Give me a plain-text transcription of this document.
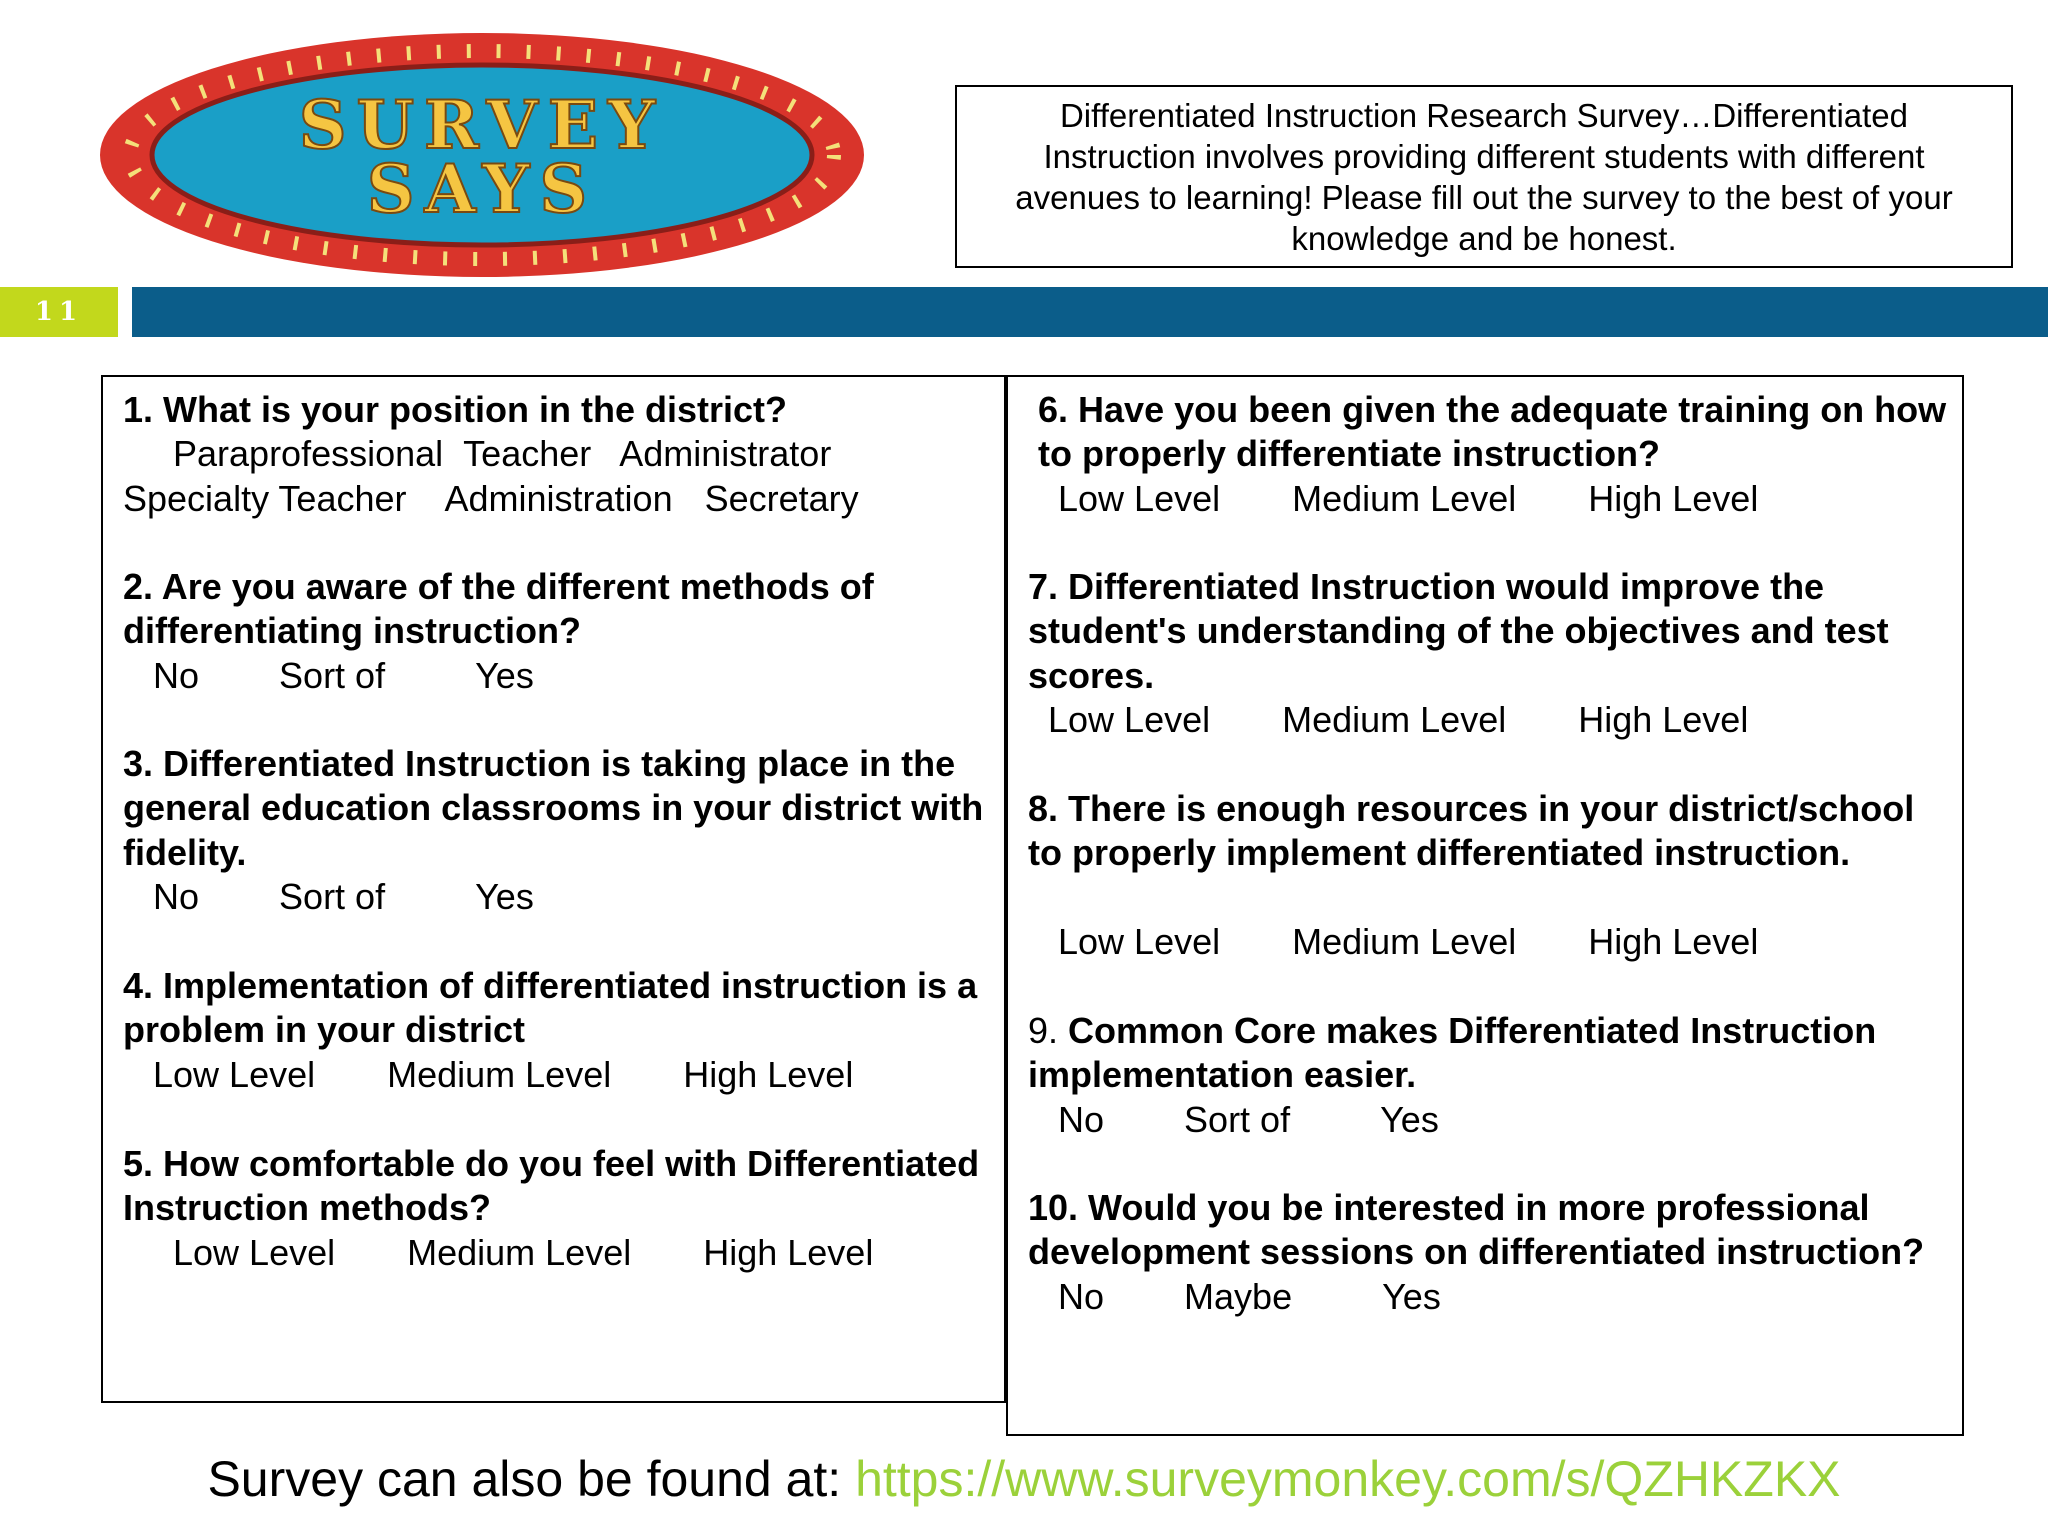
SURVEY
SAYS
Differentiated Instruction Research Survey…Differentiated Instruction involves providing different students with different avenues to learning! Please fill out the survey to the best of your knowledge and be honest.
11
1. What is your position in the district?
Paraprofessional Teacher Administrator
Specialty Teacher Administration Secretary
2. Are you aware of the different methods of differentiating instruction?
No Sort of	Yes
3. Differentiated Instruction is taking place in the general education classrooms in your district with fidelity.
No Sort of	Yes
4. Implementation of differentiated instruction is a problem in your district
Low Level Medium Level High Level
5. How comfortable do you feel with Differentiated Instruction methods?
Low Level Medium Level High Level
6. Have you been given the adequate training on how to properly differentiate instruction?
Low Level Medium Level High Level
7. Differentiated Instruction would improve the student's understanding of the objectives and test scores.
Low Level Medium Level High Level
8. There is enough resources in your district/school to properly implement differentiated instruction.
Low Level Medium Level High Level
9. Common Core makes Differentiated Instruction implementation easier.
No Sort of	Yes
10. Would you be interested in more professional development sessions on differentiated instruction?
No Maybe	Yes
Survey can also be found at: https://www.surveymonkey.com/s/QZHKZKX
